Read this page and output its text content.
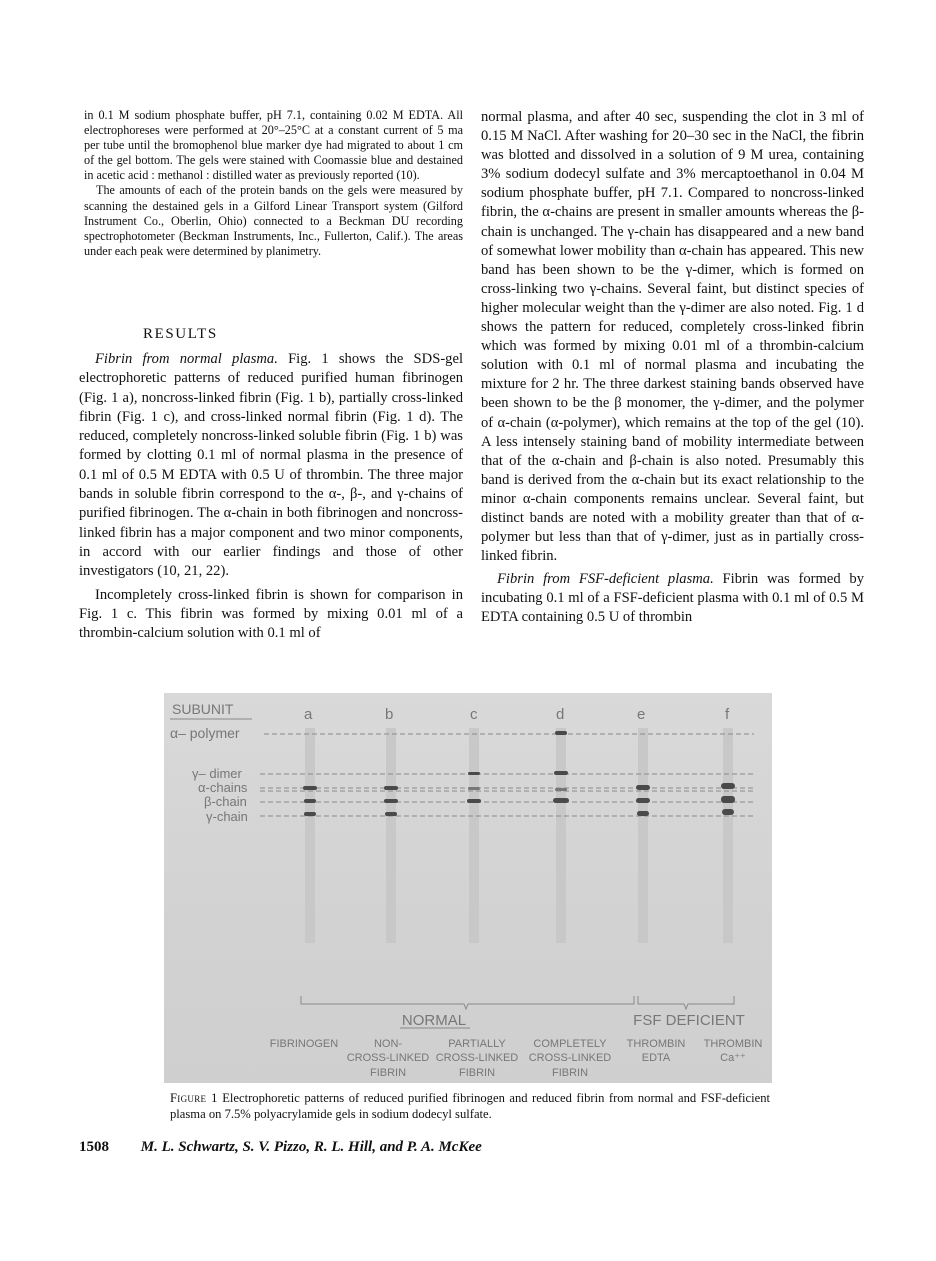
in 0.1 M sodium phosphate buffer, pH 7.1, containing 0.02 M EDTA. All electrophoreses were performed at 20°–25°C at a constant current of 5 ma per tube until the bromophenol blue marker dye had migrated to about 1 cm of the gel bottom. The gels were stained with Coomassie blue and destained in acetic acid : methanol : distilled water as previously reported (10).

The amounts of each of the protein bands on the gels were measured by scanning the destained gels in a Gilford Linear Transport system (Gilford Instrument Co., Oberlin, Ohio) connected to a Beckman DU recording spectrophotometer (Beckman Instruments, Inc., Fullerton, Calif.). The areas under each peak were determined by planimetry.

RESULTS

Fibrin from normal plasma. Fig. 1 shows the SDS-gel electrophoretic patterns of reduced purified human fibrinogen (Fig. 1 a), noncross-linked fibrin (Fig. 1 b), partially cross-linked fibrin (Fig. 1 c), and cross-linked normal fibrin (Fig. 1 d). The reduced, completely noncross-linked soluble fibrin (Fig. 1 b) was formed by clotting 0.1 ml of normal plasma in the presence of 0.1 ml of 0.5 M EDTA with 0.5 U of thrombin. The three major bands in soluble fibrin correspond to the α-, β-, and γ-chains of purified fibrinogen. The α-chain in both fibrinogen and noncross-linked fibrin has a major component and two minor components, in accord with our earlier findings and those of other investigators (10, 21, 22).

Incompletely cross-linked fibrin is shown for comparison in Fig. 1 c. This fibrin was formed by mixing 0.01 ml of a thrombin-calcium solution with 0.1 ml of

normal plasma, and after 40 sec, suspending the clot in 3 ml of 0.15 M NaCl. After washing for 20–30 sec in the NaCl, the fibrin was blotted and dissolved in a solution of 9 M urea, containing 3% sodium dodecyl sulfate and 3% mercaptoethanol in 0.04 M sodium phosphate buffer, pH 7.1. Compared to noncross-linked fibrin, the α-chains are present in smaller amounts whereas the β-chain is unchanged. The γ-chain has disappeared and a new band of somewhat lower mobility than α-chain has appeared. This new band has been shown to be the γ-dimer, which is formed on cross-linking two γ-chains. Several faint, but distinct species of higher molecular weight than the γ-dimer are also noted. Fig. 1 d shows the pattern for reduced, completely cross-linked fibrin which was formed by mixing 0.01 ml of a thrombin-calcium solution with 0.1 ml of normal plasma and incubating the mixture for 2 hr. The three darkest staining bands observed have been shown to be the β monomer, the γ-dimer, and the polymer of α-chain (α-polymer), which remains at the top of the gel (10). A less intensely staining band of mobility intermediate between that of the α-chain and β-chain is also noted. Presumably this band is derived from the α-chain but its exact relationship to the minor α-chain components remains unclear. Several faint, but distinct bands are noted with a mobility greater than that of α-polymer but less than that of γ-dimer, just as in partially cross-linked fibrin.

Fibrin from FSF-deficient plasma. Fibrin was formed by incubating 0.1 ml of a FSF-deficient plasma with 0.1 ml of 0.5 M EDTA containing 0.5 U of thrombin

SUBUNIT	a	b	c	d	e	f
α– polymer
γ– dimer
α-chains
β-chain
γ-chain
NORMAL	FSF DEFICIENT
FIBRINOGEN	NON-
CROSS-LINKED
FIBRIN
PARTIALLY
CROSS-LINKED
FIBRIN
COMPLETELY
CROSS-LINKED
FIBRIN
THROMBIN
EDTA
THROMBIN
Ca⁺⁺

Figure 1 Electrophoretic patterns of reduced purified fibrinogen and reduced fibrin from normal and FSF-deficient plasma on 7.5% polyacrylamide gels in sodium dodecyl sulfate.

1508 M. L. Schwartz, S. V. Pizzo, R. L. Hill, and P. A. McKee
